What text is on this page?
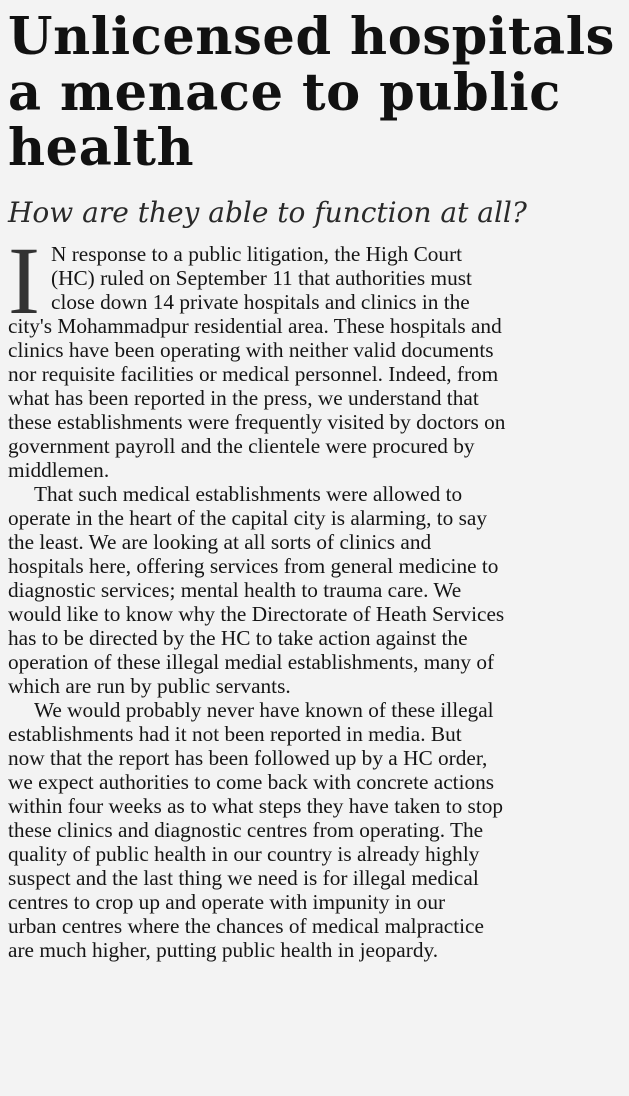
Unlicensed hospitals
a menace to public
health
How are they able to function at all?
I N response to a public litigation, the High Court
(HC) ruled on September 11 that authorities must
close down 14 private hospitals and clinics in the
city's Mohammadpur residential area. These hospitals and
clinics have been operating with neither valid documents
nor requisite facilities or medical personnel. Indeed, from
what has been reported in the press, we understand that
these establishments were frequently visited by doctors on
government payroll and the clientele were procured by
middlemen.
That such medical establishments were allowed to
operate in the heart of the capital city is alarming, to say
the least. We are looking at all sorts of clinics and
hospitals here, offering services from general medicine to
diagnostic services; mental health to trauma care. We
would like to know why the Directorate of Heath Services
has to be directed by the HC to take action against the
operation of these illegal medial establishments, many of
which are run by public servants.
We would probably never have known of these illegal
establishments had it not been reported in media. But
now that the report has been followed up by a HC order,
we expect authorities to come back with concrete actions
within four weeks as to what steps they have taken to stop
these clinics and diagnostic centres from operating. The
quality of public health in our country is already highly
suspect and the last thing we need is for illegal medical
centres to crop up and operate with impunity in our
urban centres where the chances of medical malpractice
are much higher, putting public health in jeopardy.
